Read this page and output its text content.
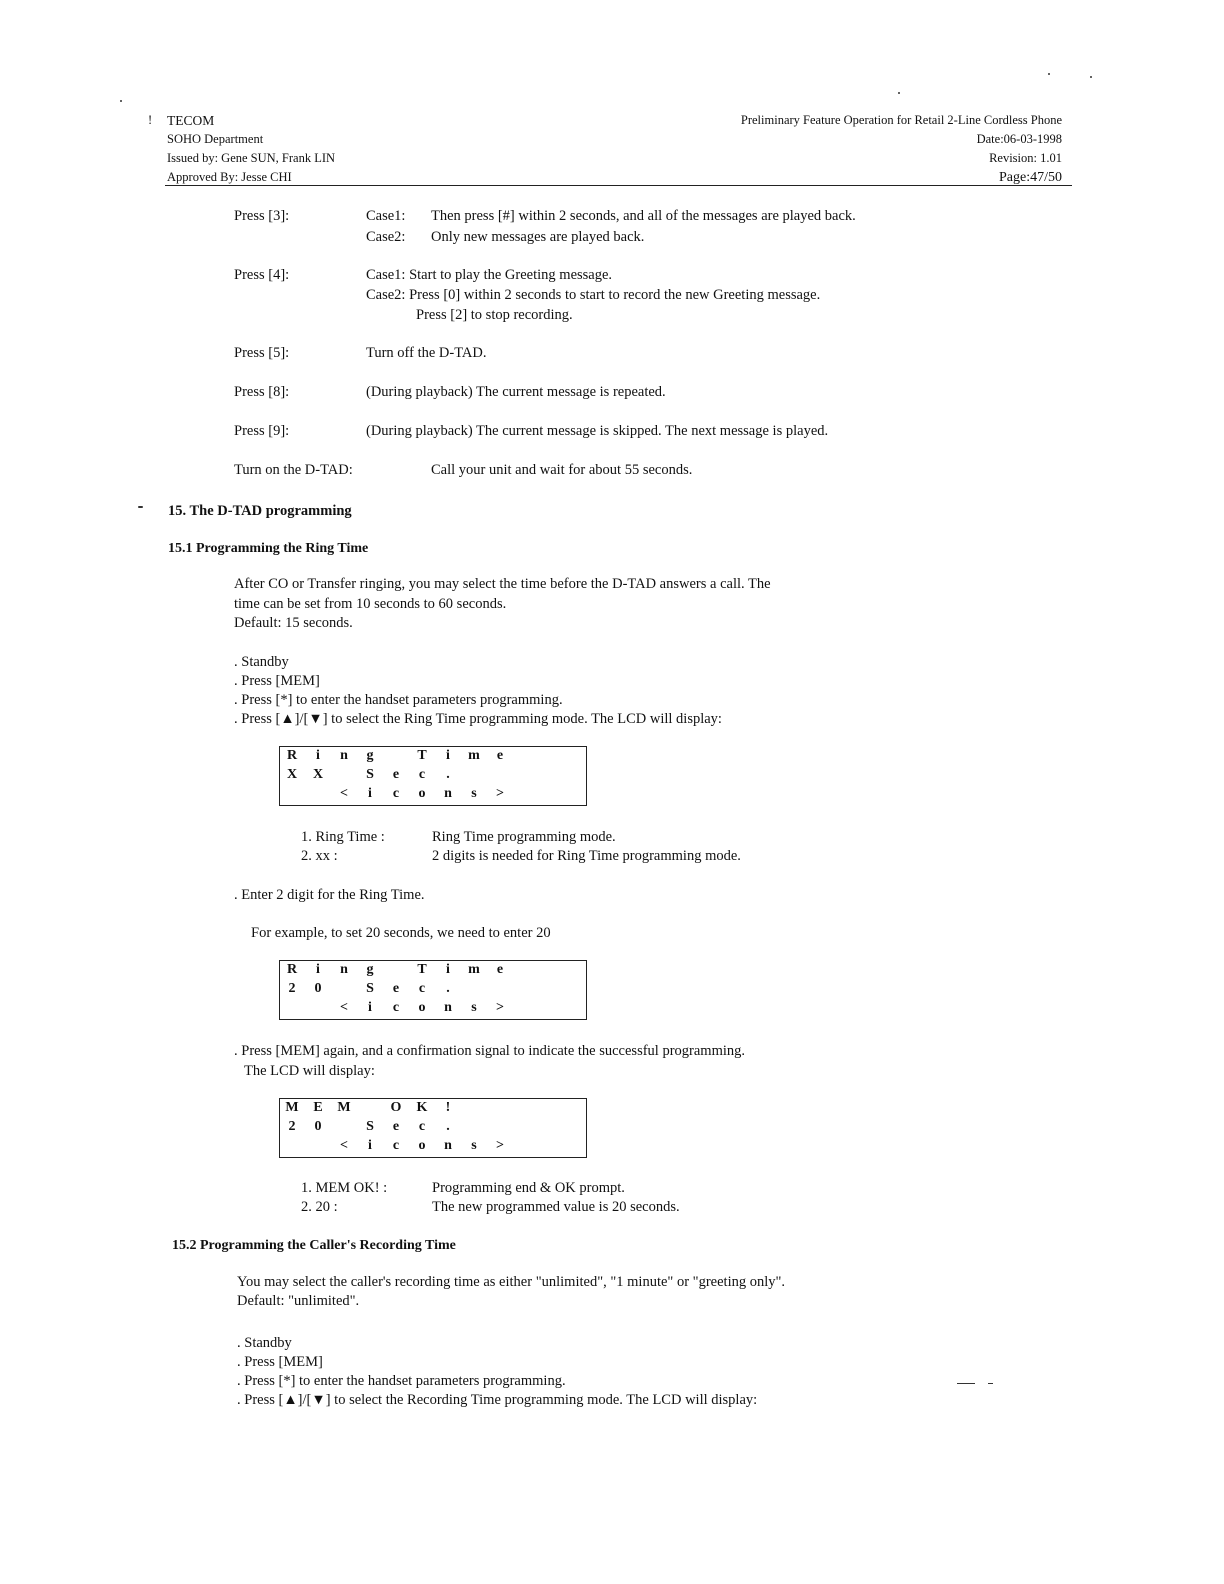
! TECOM
SOHO Department
Issued by: Gene SUN, Frank LIN
Approved By: Jesse CHI
Preliminary Feature Operation for Retail 2-Line Cordless Phone
Date:06-03-1998
Revision: 1.01
Page:47/50
Press [3]:	Case1: Then press [#] within 2 seconds, and all of the messages are played back.
Case2: Only new messages are played back.
Press [4]:	Case1: Start to play the Greeting message.
Case2: Press [0] within 2 seconds to start to record the new Greeting message.
Press [2] to stop recording.
Press [5]:	Turn off the D-TAD.
Press [8]:	(During playback) The current message is repeated.
Press [9]:	(During playback) The current message is skipped. The next message is played.
Turn on the D-TAD:	Call your unit and wait for about 55 seconds.
15. The D-TAD programming
15.1 Programming the Ring Time
After CO or Transfer ringing, you may select the time before the D-TAD answers a call. The
time can be set from 10 seconds to 60 seconds.
Default: 15 seconds.
. Standby
. Press [MEM]
. Press [*] to enter the handset parameters programming.
. Press [▲]/[▼] to select the Ring Time programming mode. The LCD will display:
R	i	n	g	T	i	m	e
X X	S	e	c	.
<	i	c	o	n	s	>
1. Ring Time :	Ring Time programming mode.
2. xx :	2 digits is needed for Ring Time programming mode.
. Enter 2 digit for the Ring Time.
For example, to set 20 seconds, we need to enter 20
R	i	n	g	T	i	m	e
2	0	S	e	c	.
<	i	c	o	n	s	>
. Press [MEM] again, and a confirmation signal to indicate the successful programming.
The LCD will display:
M E M	O K	!
2	0	S	e	c	.
<	i	c	o	n	s	>
1. MEM OK! :	Programming end & OK prompt.
2. 20 :	The new programmed value is 20 seconds.
15.2 Programming the Caller's Recording Time
You may select the caller's recording time as either "unlimited", "1 minute" or "greeting only".
Default: "unlimited".
. Standby
. Press [MEM]
. Press [*] to enter the handset parameters programming.
. Press [▲]/[▼] to select the Recording Time programming mode. The LCD will display:
